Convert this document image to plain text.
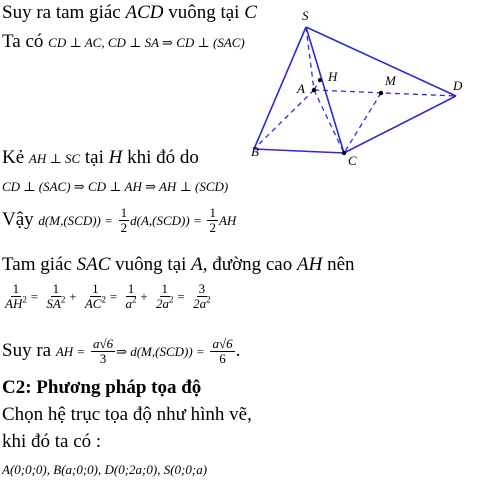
Suy ra tam giác ACD vuông tại C
Ta có CD ⊥ AC, CD ⊥ SA ⇒ CD ⊥ (SAC)
S
H
A
M	D
B
C
Kẻ AH ⊥ SC tại H khi đó do
CD ⊥ (SAC) ⇒ CD ⊥ AH ⇒ AH ⊥ (SCD)
Vậy $d(M,(SCD)) = \frac{1}{2} d(A,(SCD)) = \frac{1}{2}$ AH
Tam giác SAC vuông tại A, đường cao AH nên
$\frac{1}{AH^2} = \frac{1}{SA^2} + \frac{1}{AC^2} = \frac{1}{a^2} + \frac{1}{2a^2} = \frac{3}{2a^2}$
Suy ra AH = $\frac{a√6}{3}$ ⇒ $d(M,(SCD)) = \frac{a√6}{6}$ .
C2: Phương pháp tọa độ
Chọn hệ trục tọa độ như hình vẽ,
khi đó ta có :
A(0;0;0), B(a;0;0), D(0;2a;0), S(0;0;a)
